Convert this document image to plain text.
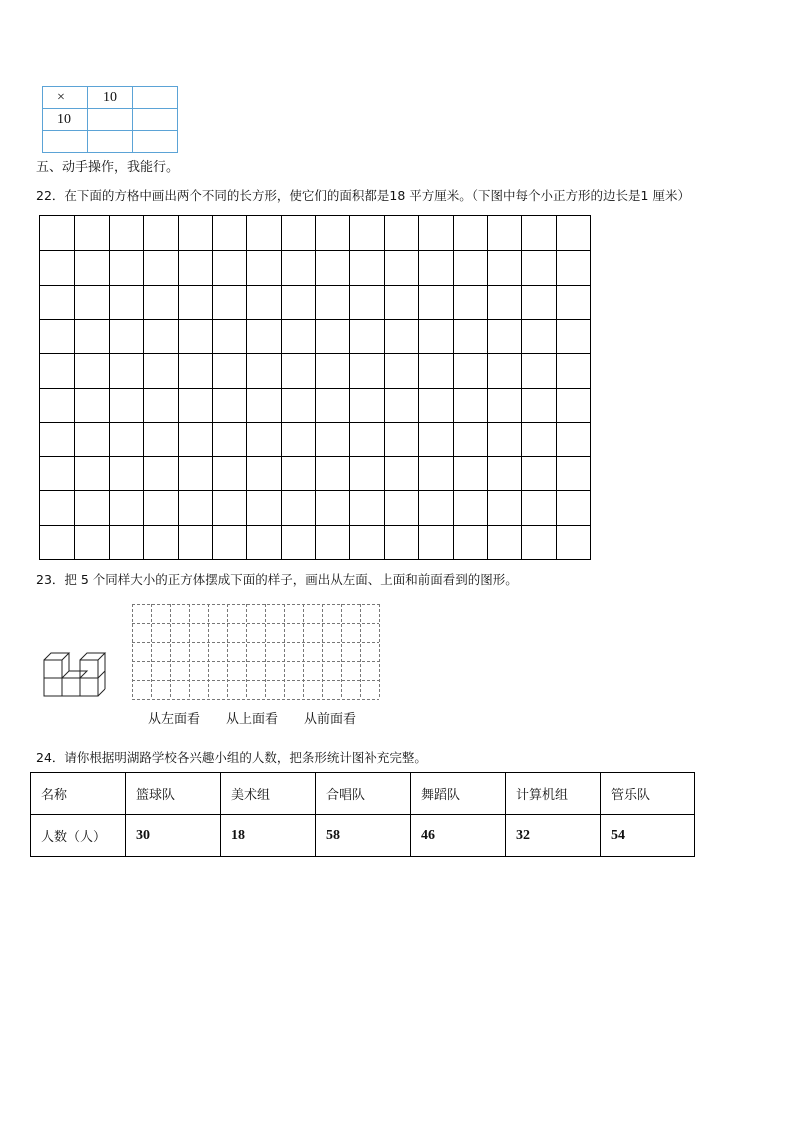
×	10	
10		

五、动手操作，我能行。
22．在下面的方格中画出两个不同的长方形，使它们的面积都是18 平方厘米。（下图中每个小正方形的边长是1 厘米）
23．把 5 个同样大小的正方体摆成下面的样子，画出从左面、上面和前面看到的图形。
从左面看 从上面看 从前面看
24．请你根据明湖路学校各兴趣小组的人数，把条形统计图补充完整。
名称	篮球队	美术组	合唱队	舞蹈队	计算机组	管乐队
人数（人）	30	18	58	46	32	54
